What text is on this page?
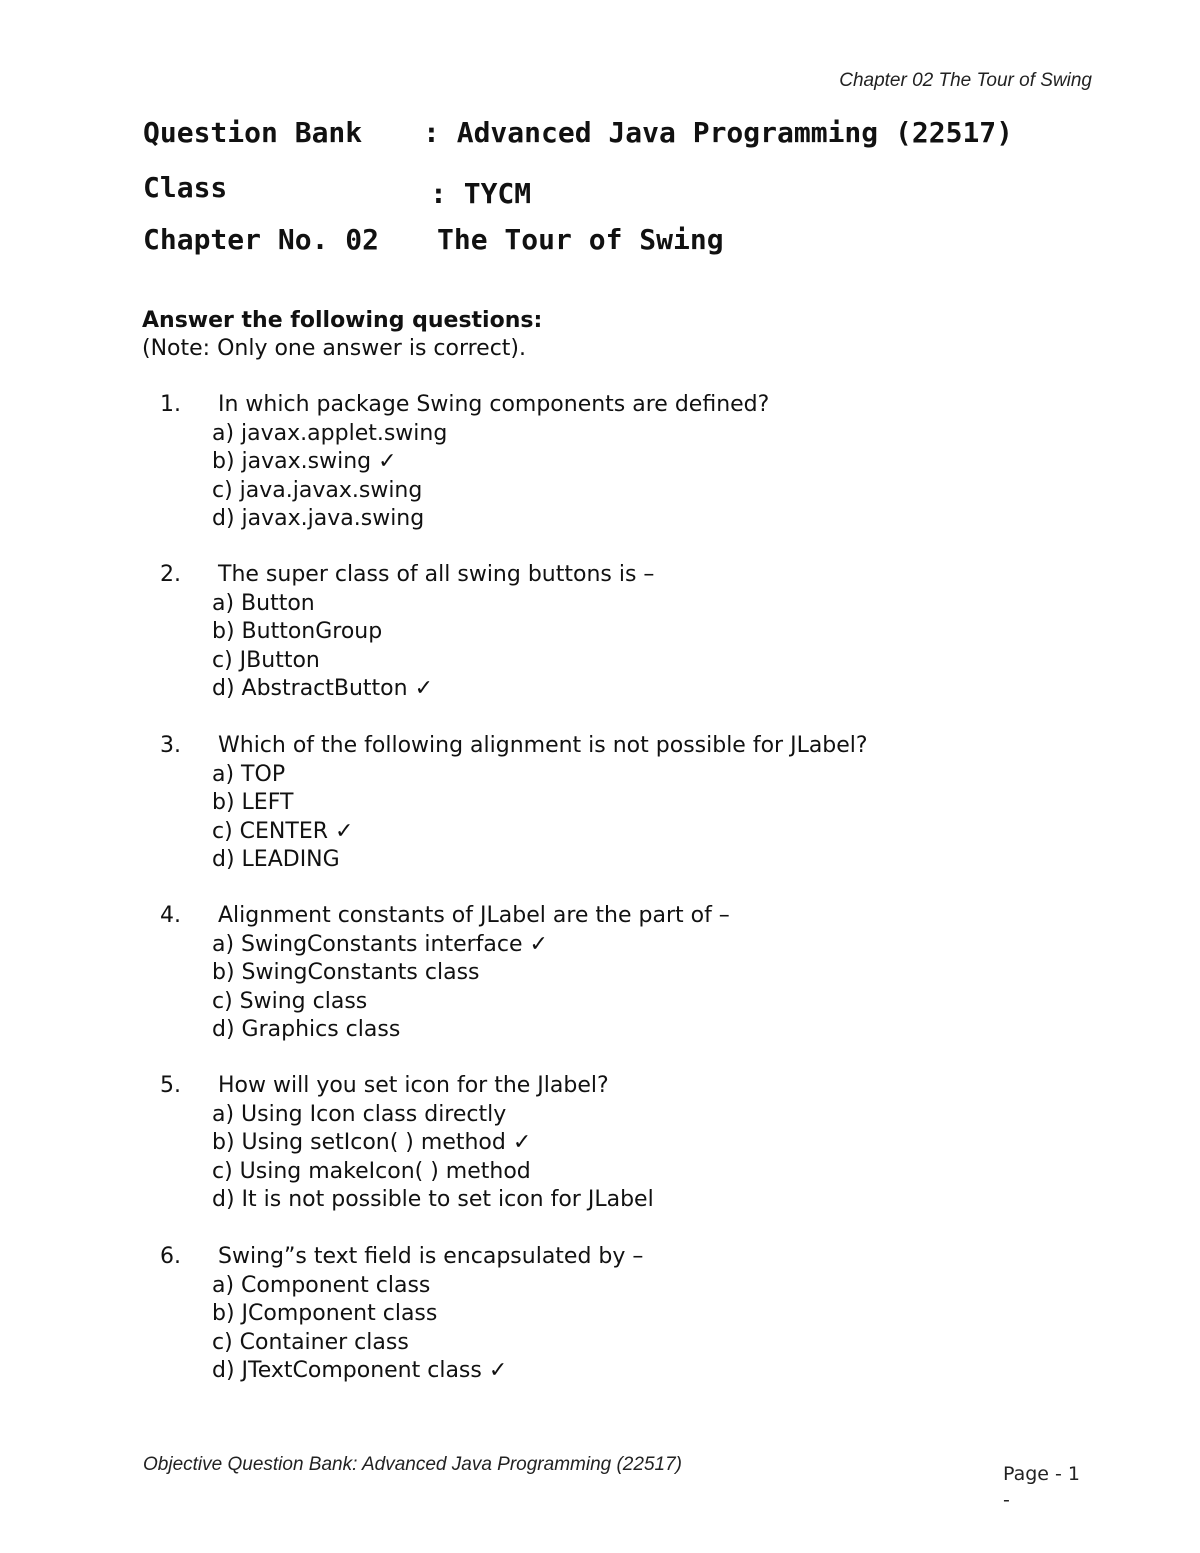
Chapter 02 The Tour of Swing
Question Bank : Advanced Java Programming (22517)
Class	: TYCM
Chapter No. 02 The Tour of Swing
Answer the following questions:
(Note: Only one answer is correct).
1. In which package Swing components are defined?
a) javax.applet.swing
b) javax.swing ✓
c) java.javax.swing
d) javax.java.swing
2. The super class of all swing buttons is –
a) Button
b) ButtonGroup
c) JButton
d) AbstractButton ✓
3. Which of the following alignment is not possible for JLabel?
a) TOP
b) LEFT
c) CENTER ✓
d) LEADING
4. Alignment constants of JLabel are the part of –
a) SwingConstants interface ✓
b) SwingConstants class
c) Swing class
d) Graphics class
5. How will you set icon for the Jlabel?
a) Using Icon class directly
b) Using setIcon( ) method ✓
c) Using makeIcon( ) method
d) It is not possible to set icon for JLabel
6. Swing”s text field is encapsulated by –
a) Component class
b) JComponent class
c) Container class
d) JTextComponent class ✓
Objective Question Bank: Advanced Java Programming (22517)	Page - 1
-
